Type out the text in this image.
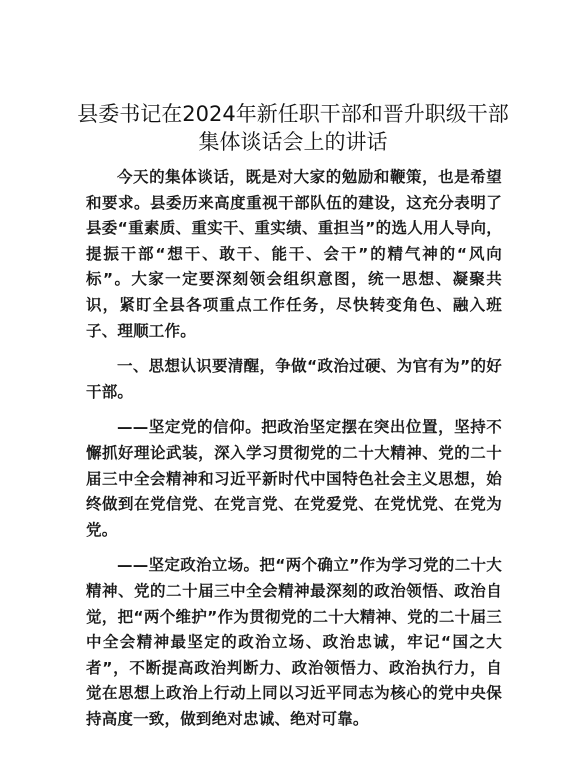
县委书记在2024年新任职干部和晋升职级干部
集体谈话会上的讲话

今天的集体谈话，既是对大家的勉励和鞭策，也是希望和要求。县委历来高度重视干部队伍的建设，这充分表明了县委“重素质、重实干、重实绩、重担当”的选人用人导向，提振干部“想干、敢干、能干、会干”的精气神的“风向标”。大家一定要深刻领会组织意图，统一思想、凝聚共识，紧盯全县各项重点工作任务，尽快转变角色、融入班子、理顺工作。

一、思想认识要清醒，争做“政治过硬、为官有为”的好干部。

——坚定党的信仰。把政治坚定摆在突出位置，坚持不懈抓好理论武装，深入学习贯彻党的二十大精神、党的二十届三中全会精神和习近平新时代中国特色社会主义思想，始终做到在党信党、在党言党、在党爱党、在党忧党、在党为党。

——坚定政治立场。把“两个确立”作为学习党的二十大精神、党的二十届三中全会精神最深刻的政治领悟、政治自觉，把“两个维护”作为贯彻党的二十大精神、党的二十届三中全会精神最坚定的政治立场、政治忠诚，牢记“国之大者”，不断提高政治判断力、政治领悟力、政治执行力，自觉在思想上政治上行动上同以习近平同志为核心的党中央保持高度一致，做到绝对忠诚、绝对可靠。
